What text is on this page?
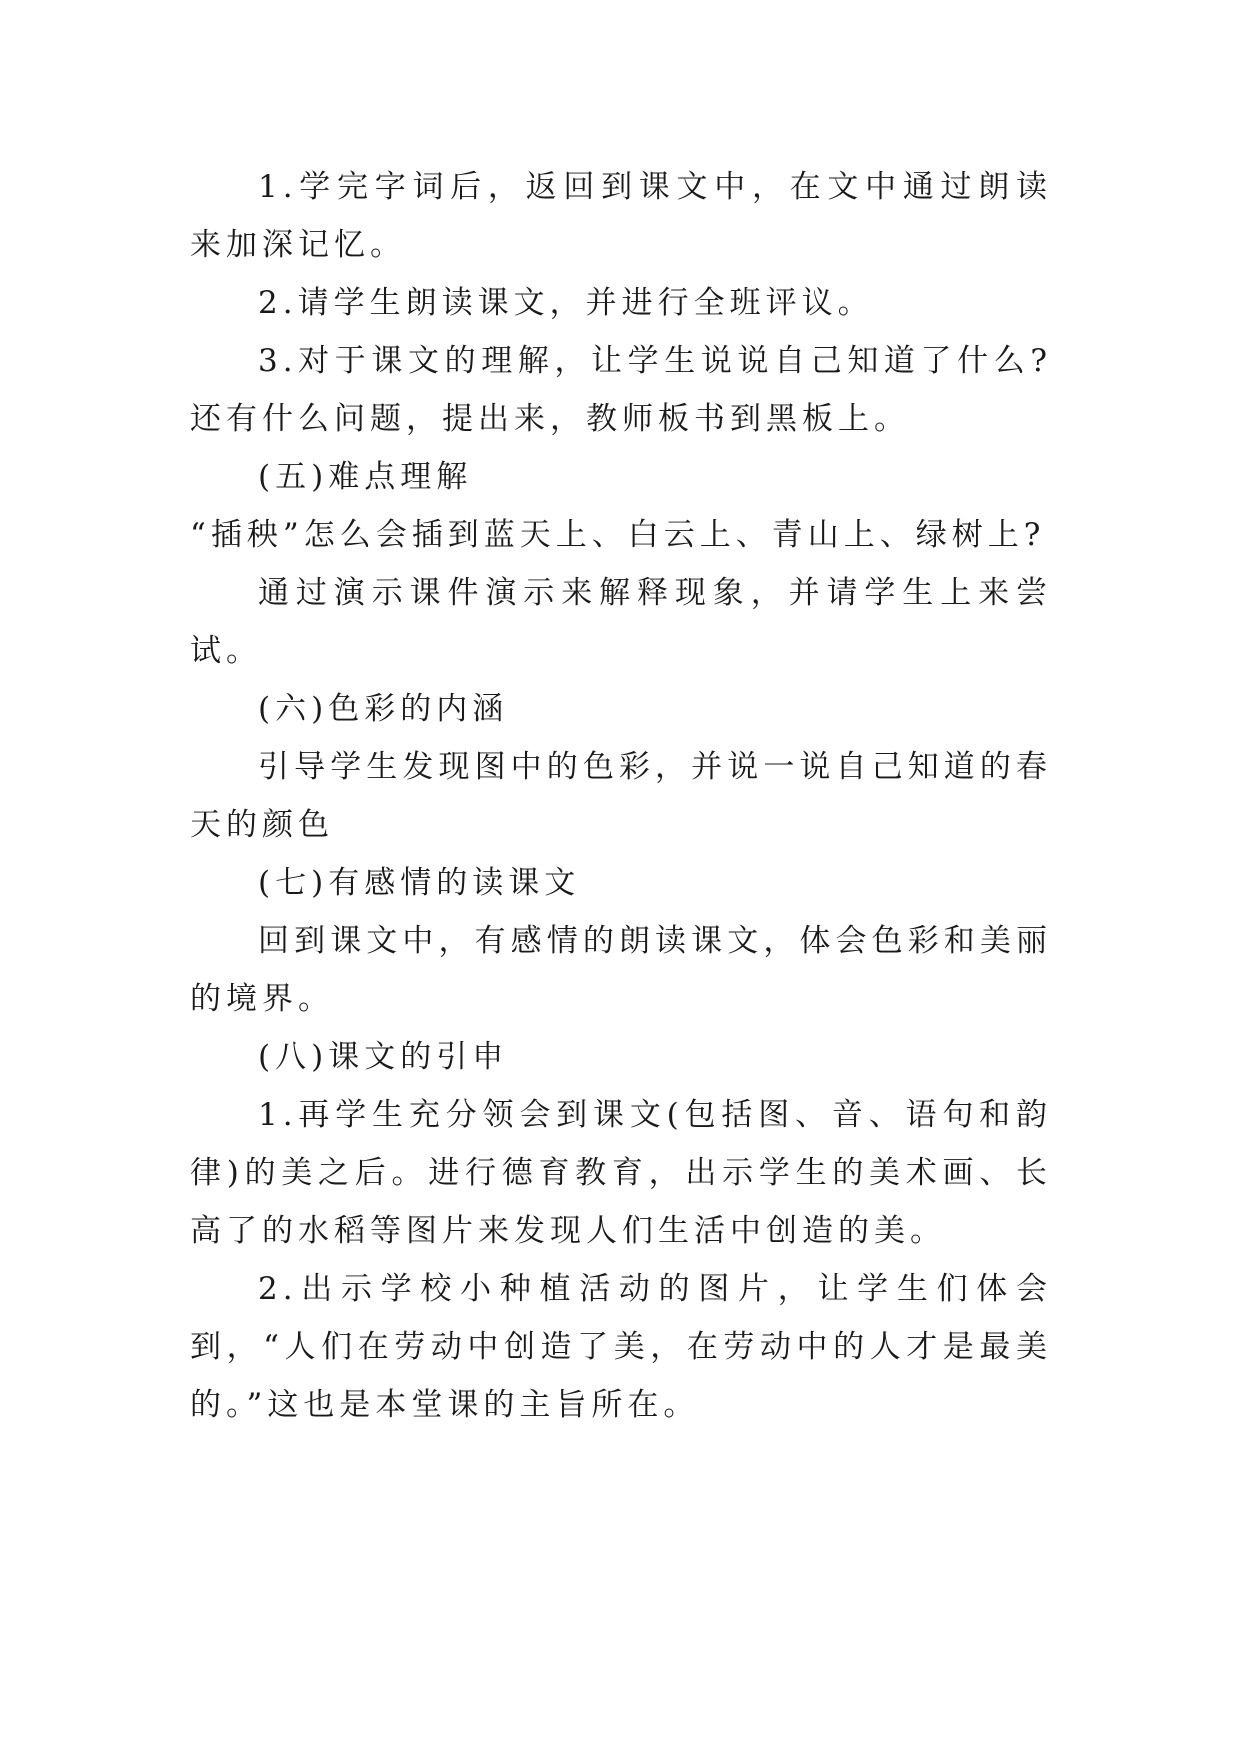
1.学完字词后，返回到课文中，在文中通过朗读来加深记忆。

2.请学生朗读课文，并进行全班评议。

3.对于课文的理解，让学生说说自己知道了什么?还有什么问题，提出来，教师板书到黑板上。

(五)难点理解

“插秧”怎么会插到蓝天上、白云上、青山上、绿树上?

通过演示课件演示来解释现象，并请学生上来尝试。

(六)色彩的内涵

引导学生发现图中的色彩，并说一说自己知道的春天的颜色

(七)有感情的读课文

回到课文中，有感情的朗读课文，体会色彩和美丽的境界。

(八)课文的引申

1.再学生充分领会到课文(包括图、音、语句和韵律)的美之后。进行德育教育，出示学生的美术画、长高了的水稻等图片来发现人们生活中创造的美。

2.出示学校小种植活动的图片，让学生们体会到，“人们在劳动中创造了美，在劳动中的人才是最美的。”这也是本堂课的主旨所在。
